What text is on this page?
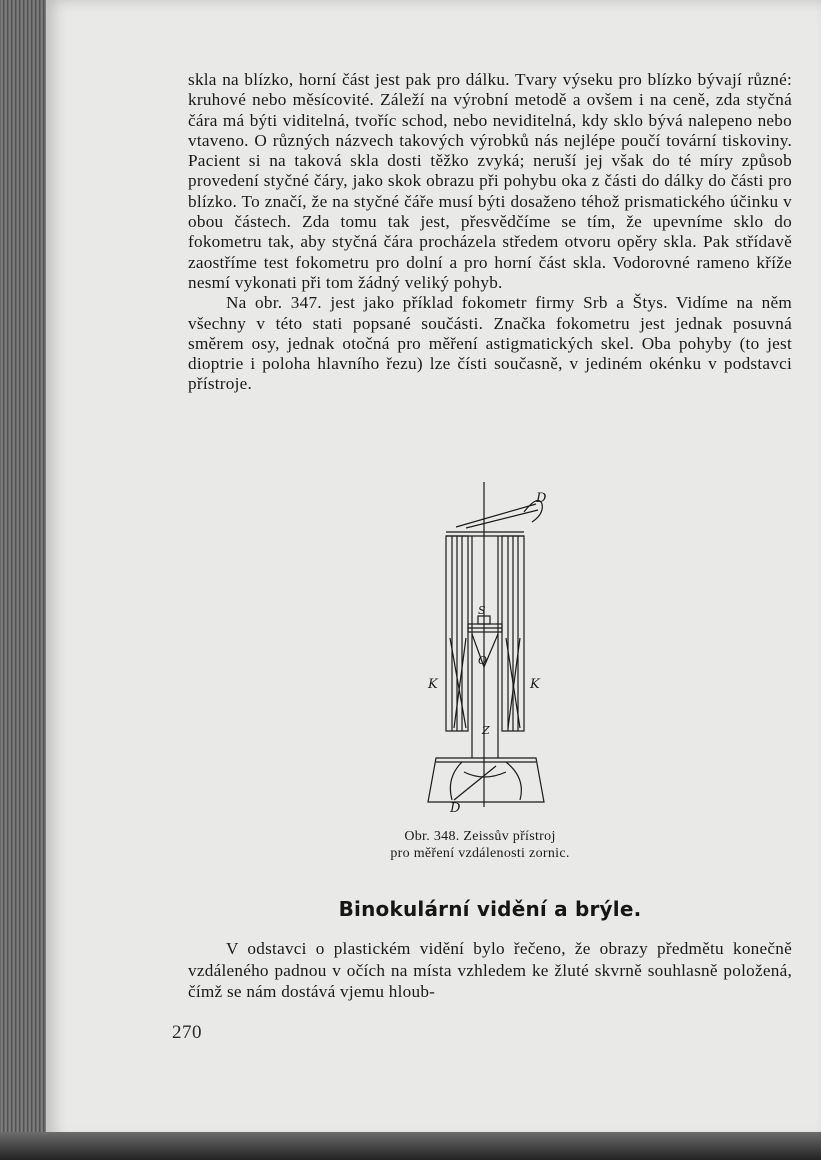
skla na blízko, horní část jest pak pro dálku. Tvary výseku pro blízko bývají různé: kruhové nebo měsícovité. Záleží na výrobní metodě a ovšem i na ceně, zda styčná čára má býti viditelná, tvoříc schod, nebo neviditelná, kdy sklo bývá nalepeno nebo vtaveno. O různých názvech takových výrobků nás nejlépe poučí tovární tiskoviny. Pacient si na taková skla dosti těžko zvyká; neruší jej však do té míry způsob provedení styčné čáry, jako skok obrazu při pohybu oka z části do dálky do části pro blízko. To značí, že na styčné čáře musí býti dosaženo téhož prismatického účinku v obou částech. Zda tomu tak jest, přesvědčíme se tím, že upevníme sklo do fokometru tak, aby styčná čára procházela středem otvoru opěry skla. Pak střídavě zaostříme test fokometru pro dolní a pro horní část skla. Vodorovné rameno kříže nesmí vykonati při tom žádný veliký pohyb.

Na obr. 347. jest jako příklad fokometr firmy Srb a Štys. Vidíme na něm všechny v této stati popsané součásti. Značka fokometru jest jednak posuvná směrem osy, jednak otočná pro měření astigmatických skel. Oba pohyby (to jest dioptrie i poloha hlavního řezu) lze čísti současně, v jediném okénku v podstavci přístroje.

D
S
O
K	K
Z
D
Obr. 348. Zeissův přístroj
pro měření vzdálenosti zornic.
Binokulární vidění a brýle.

V odstavci o plastickém vidění bylo řečeno, že obrazy předmětu konečně vzdáleného padnou v očích na místa vzhledem ke žluté skvrně souhlasně položená, čímž se nám dostává vjemu hloub-

270
